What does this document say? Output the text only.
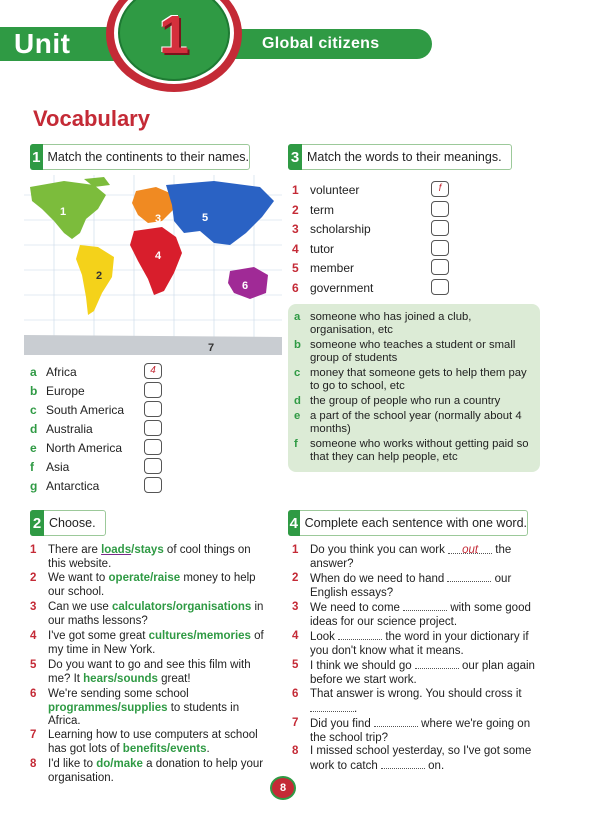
Unit	Global citizens
1
Vocabulary
1 Match the continents to their names.
1
2
3
4
5
6
7
a Africa	4
b Europe
c South America
d Australia
e North America
f Asia
g Antarctica
3 Match the words to their meanings.
1 volunteer	f
2 term
3 scholarship
4 tutor
5 member
6 government
a someone who has joined a club, organisation, etc
b someone who teaches a student or small group of students
c money that someone gets to help them pay to go to school, etc
d the group of people who run a country
e a part of the school year (normally about 4 months)
f	someone who works without getting paid so that they can help people, etc
2 Choose.
1	There are loads/stays of cool things on this website.
2	We want to operate/raise money to help our school.
3	Can we use calculators/organisations in our maths lessons?
4	I've got some great cultures/memories of my time in New York.
5	Do you want to go and see this film with me? It hears/sounds great!
6	We're sending some school programmes/supplies to students in Africa.
7	Learning how to use computers at school has got lots of benefits/events.
8	I'd like to do/make a donation to help your organisation.
4 Complete each sentence with one word.
1	Do you think you can work out the answer?
2	When do we need to hand	our English essays?
3	We need to come	with some good ideas for our science project.
4	Look	the word in your dictionary if you don't know what it means.
5	I think we should go	our plan again before we start work.
6	That answer is wrong. You should cross it .
7	Did you find	where we're going on the school trip?
8	I missed school yesterday, so I've got some work to catch	on.
8
